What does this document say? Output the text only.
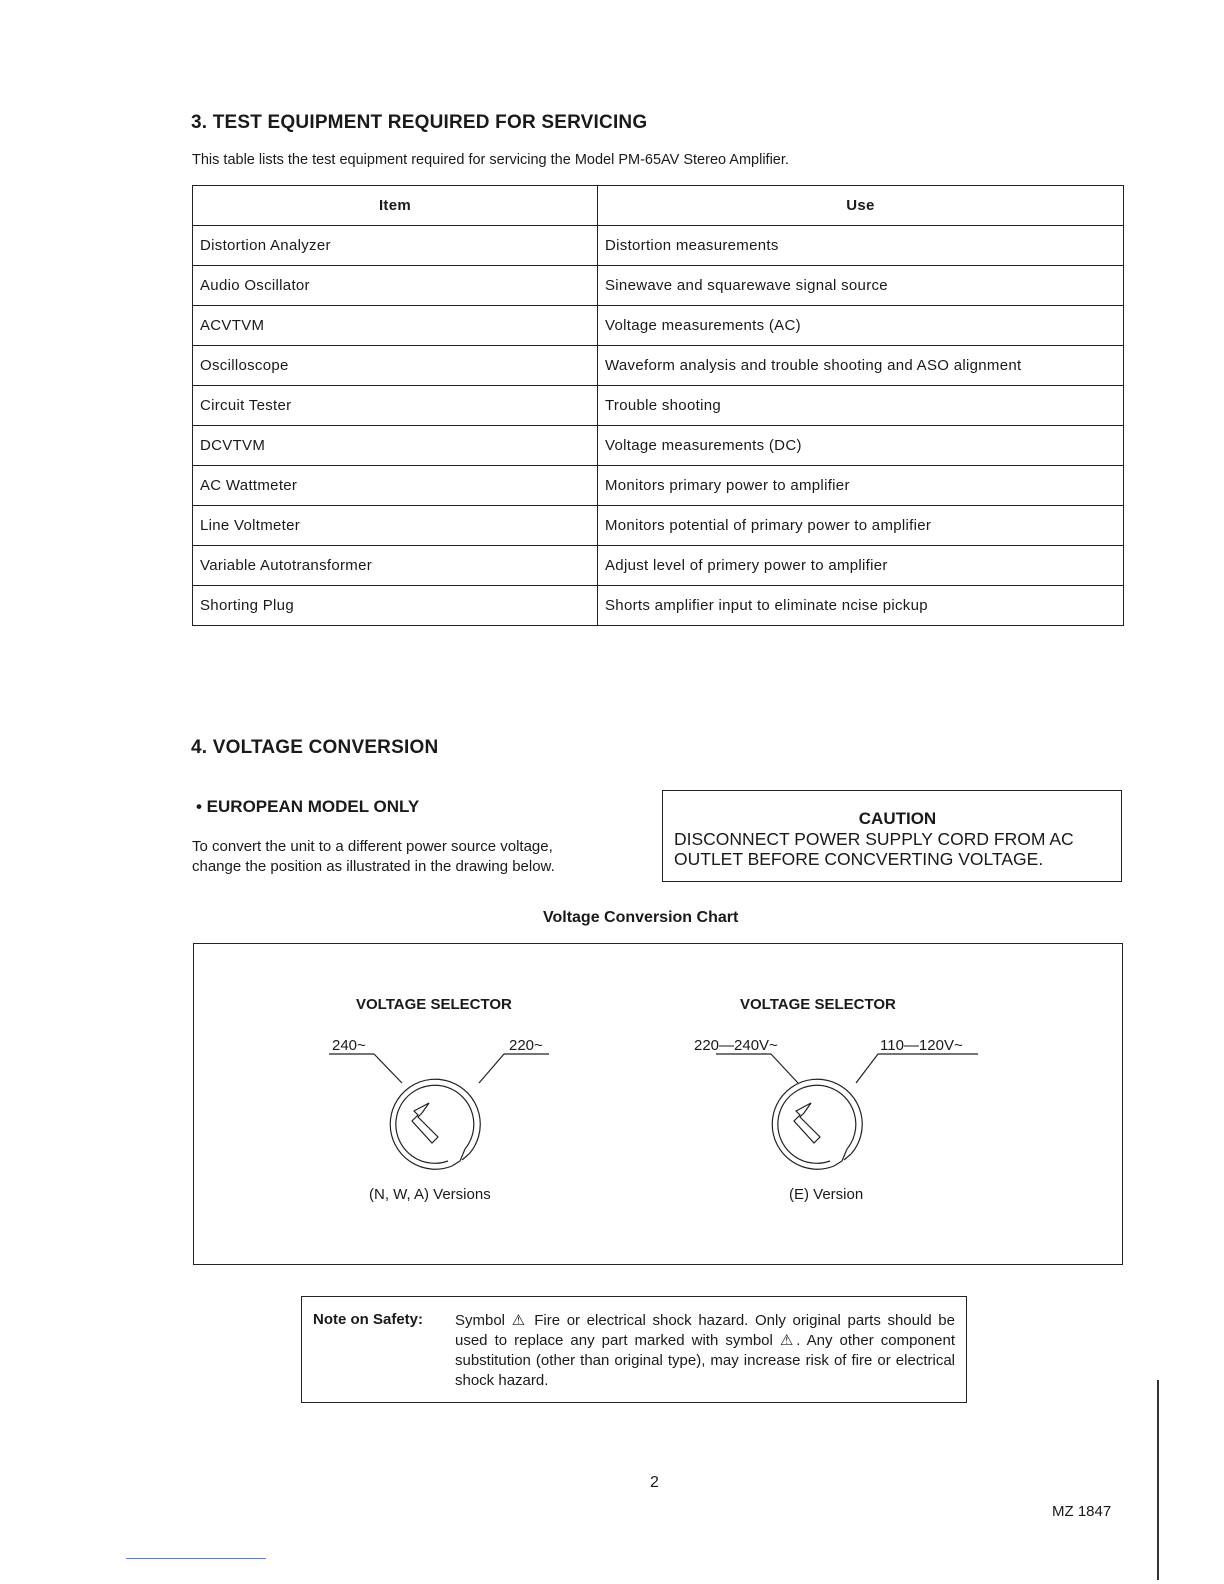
3. TEST EQUIPMENT REQUIRED FOR SERVICING
This table lists the test equipment required for servicing the Model PM-65AV Stereo Amplifier.
Item	Use
Distortion Analyzer	Distortion measurements
Audio Oscillator	Sinewave and squarewave signal source
ACVTVM	Voltage measurements (AC)
Oscilloscope	Waveform analysis and trouble shooting and ASO alignment
Circuit Tester	Trouble shooting
DCVTVM	Voltage measurements (DC)
AC Wattmeter	Monitors primary power to amplifier
Line Voltmeter	Monitors potential of primary power to amplifier
Variable Autotransformer	Adjust level of primery power to amplifier
Shorting Plug	Shorts amplifier input to eliminate ncise pickup
4. VOLTAGE CONVERSION
• EUROPEAN MODEL ONLY
To convert the unit to a different power source voltage,
change the position as illustrated in the drawing below.
CAUTION
DISCONNECT POWER SUPPLY CORD FROM AC
OUTLET BEFORE CONCVERTING VOLTAGE.
Voltage Conversion Chart
VOLTAGE SELECTOR
240~	220~
(N, W, A) Versions
VOLTAGE SELECTOR
220—240V~	110—120V~
(E) Version
Note on Safety: Symbol ⚠ Fire or electrical shock hazard. Only original parts should be used to replace any part marked with symbol ⚠. Any other component substitution (other than original type), may increase risk of fire or electrical shock hazard.
2
MZ 1847
